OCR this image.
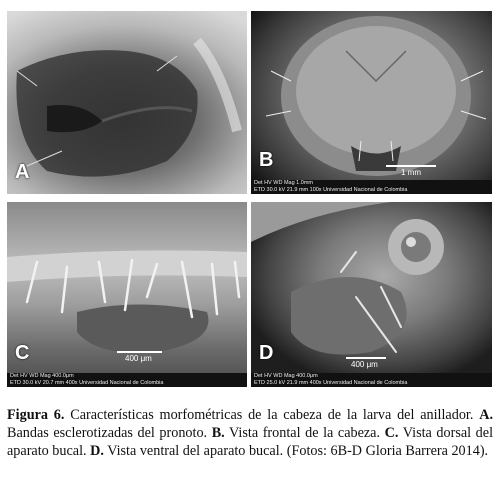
A
B
1 mm
Det HV WD Mag 1.0mm
ETD 30.0 kV 21.9 mm 100x Universidad Nacional de Colombia
C	400 μm
Det HV WD Mag 400.0μm
ETD 30.0 kV 20.7 mm 400x Universidad Nacional de Colombia
D
400 μm
Det HV WD Mag 400.0μm
ETD 25.0 kV 21.9 mm 400x Universidad Nacional de Colombia

Figura 6. Características morfométricas de la cabeza de la larva del anillador. A. Bandas esclerotizadas del pronoto. B. Vista frontal de la cabeza. C. Vista dorsal del aparato bucal. D. Vista ventral del aparato bucal. (Fotos: 6B-D Gloria Barrera 2014).
